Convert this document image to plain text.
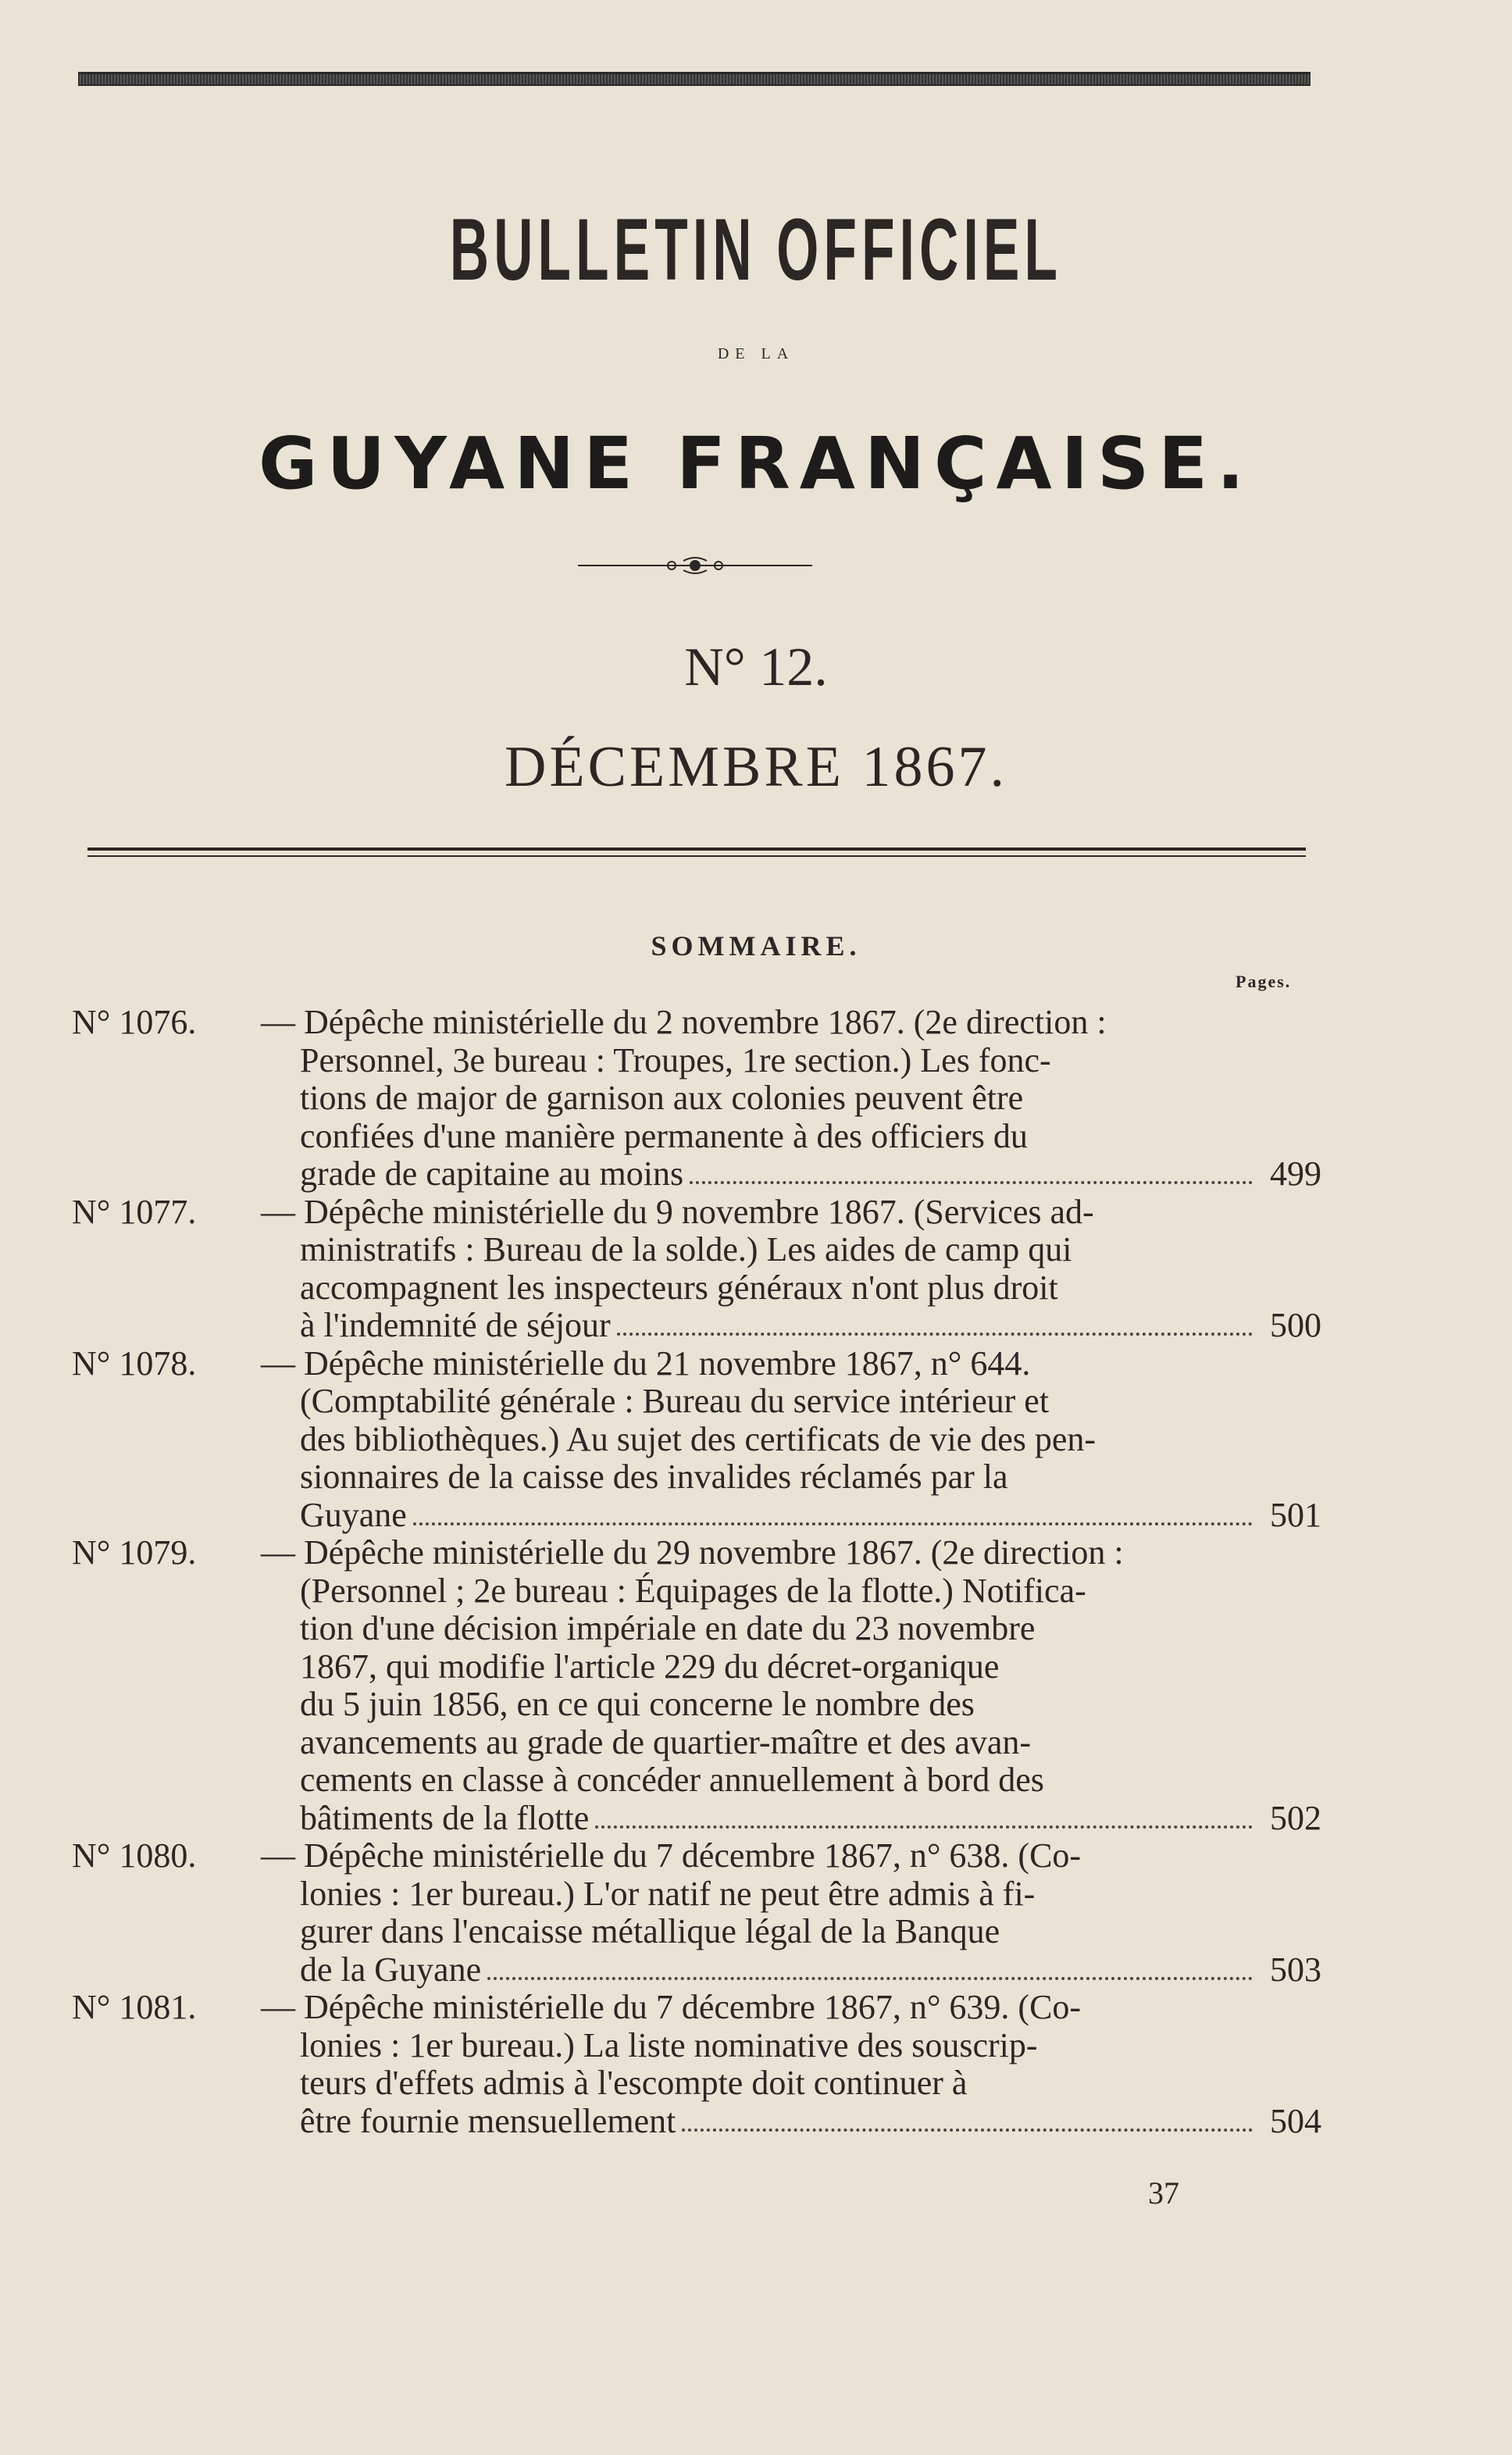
BULLETIN OFFICIEL
DE LA
GUYANE FRANÇAISE.
N° 12.
DÉCEMBRE 1867.
SOMMAIRE.
Pages.
N° 1076. — Dépêche ministérielle du 2 novembre 1867. (2e direction :
Personnel, 3e bureau : Troupes, 1re section.) Les fonc-
tions de major de garnison aux colonies peuvent être
confiées d'une manière permanente à des officiers du
grade de capitaine au moins	499
N° 1077. — Dépêche ministérielle du 9 novembre 1867. (Services ad-
ministratifs : Bureau de la solde.) Les aides de camp qui
accompagnent les inspecteurs généraux n'ont plus droit
à l'indemnité de séjour	500
N° 1078. — Dépêche ministérielle du 21 novembre 1867, n° 644.
(Comptabilité générale : Bureau du service intérieur et
des bibliothèques.) Au sujet des certificats de vie des pen-
sionnaires de la caisse des invalides réclamés par la
Guyane	501
N° 1079. — Dépêche ministérielle du 29 novembre 1867. (2e direction :
(Personnel ; 2e bureau : Équipages de la flotte.) Notifica-
tion d'une décision impériale en date du 23 novembre
1867, qui modifie l'article 229 du décret-organique
du 5 juin 1856, en ce qui concerne le nombre des
avancements au grade de quartier-maître et des avan-
cements en classe à concéder annuellement à bord des
bâtiments de la flotte	502
N° 1080. — Dépêche ministérielle du 7 décembre 1867, n° 638. (Co-
lonies : 1er bureau.) L'or natif ne peut être admis à fi-
gurer dans l'encaisse métallique légal de la Banque
de la Guyane	503
N° 1081. — Dépêche ministérielle du 7 décembre 1867, n° 639. (Co-
lonies : 1er bureau.) La liste nominative des souscrip-
teurs d'effets admis à l'escompte doit continuer à
être fournie mensuellement	504
37
